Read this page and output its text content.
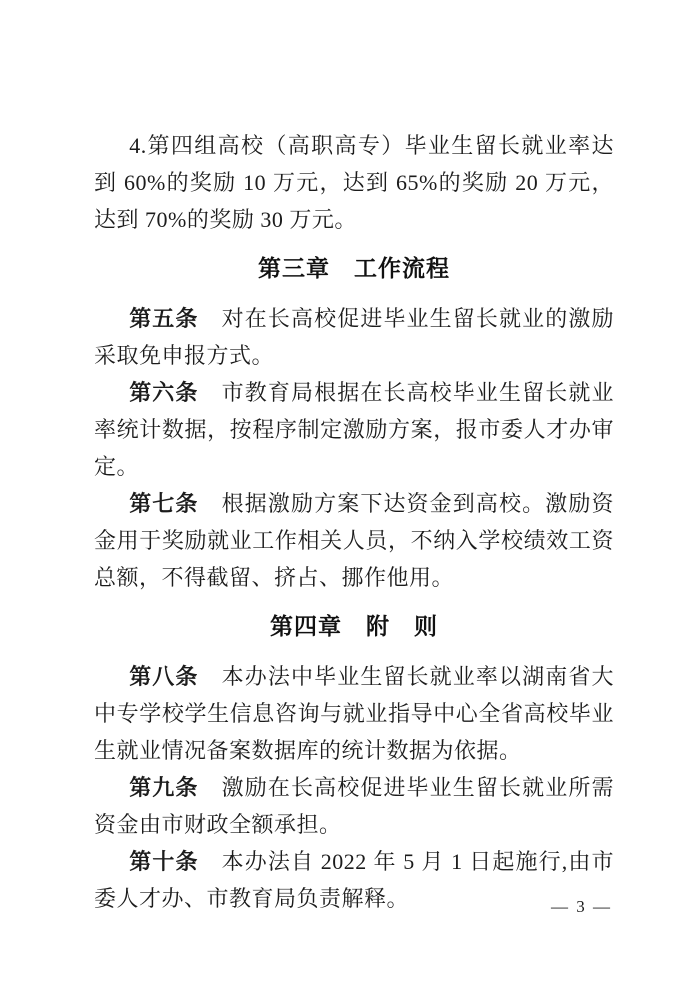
4.第四组高校（高职高专）毕业生留长就业率达到 60%的奖励 10 万元，达到 65%的奖励 20 万元，达到 70%的奖励 30 万元。

第三章　工作流程

第五条 对在长高校促进毕业生留长就业的激励采取免申报方式。

第六条 市教育局根据在长高校毕业生留长就业率统计数据，按程序制定激励方案，报市委人才办审定。

第七条 根据激励方案下达资金到高校。激励资金用于奖励就业工作相关人员，不纳入学校绩效工资总额，不得截留、挤占、挪作他用。

第四章　附　则

第八条 本办法中毕业生留长就业率以湖南省大中专学校学生信息咨询与就业指导中心全省高校毕业生就业情况备案数据库的统计数据为依据。

第九条 激励在长高校促进毕业生留长就业所需资金由市财政全额承担。

第十条 本办法自 2022 年 5 月 1 日起施行,由市委人才办、市教育局负责解释。	— 3 —
